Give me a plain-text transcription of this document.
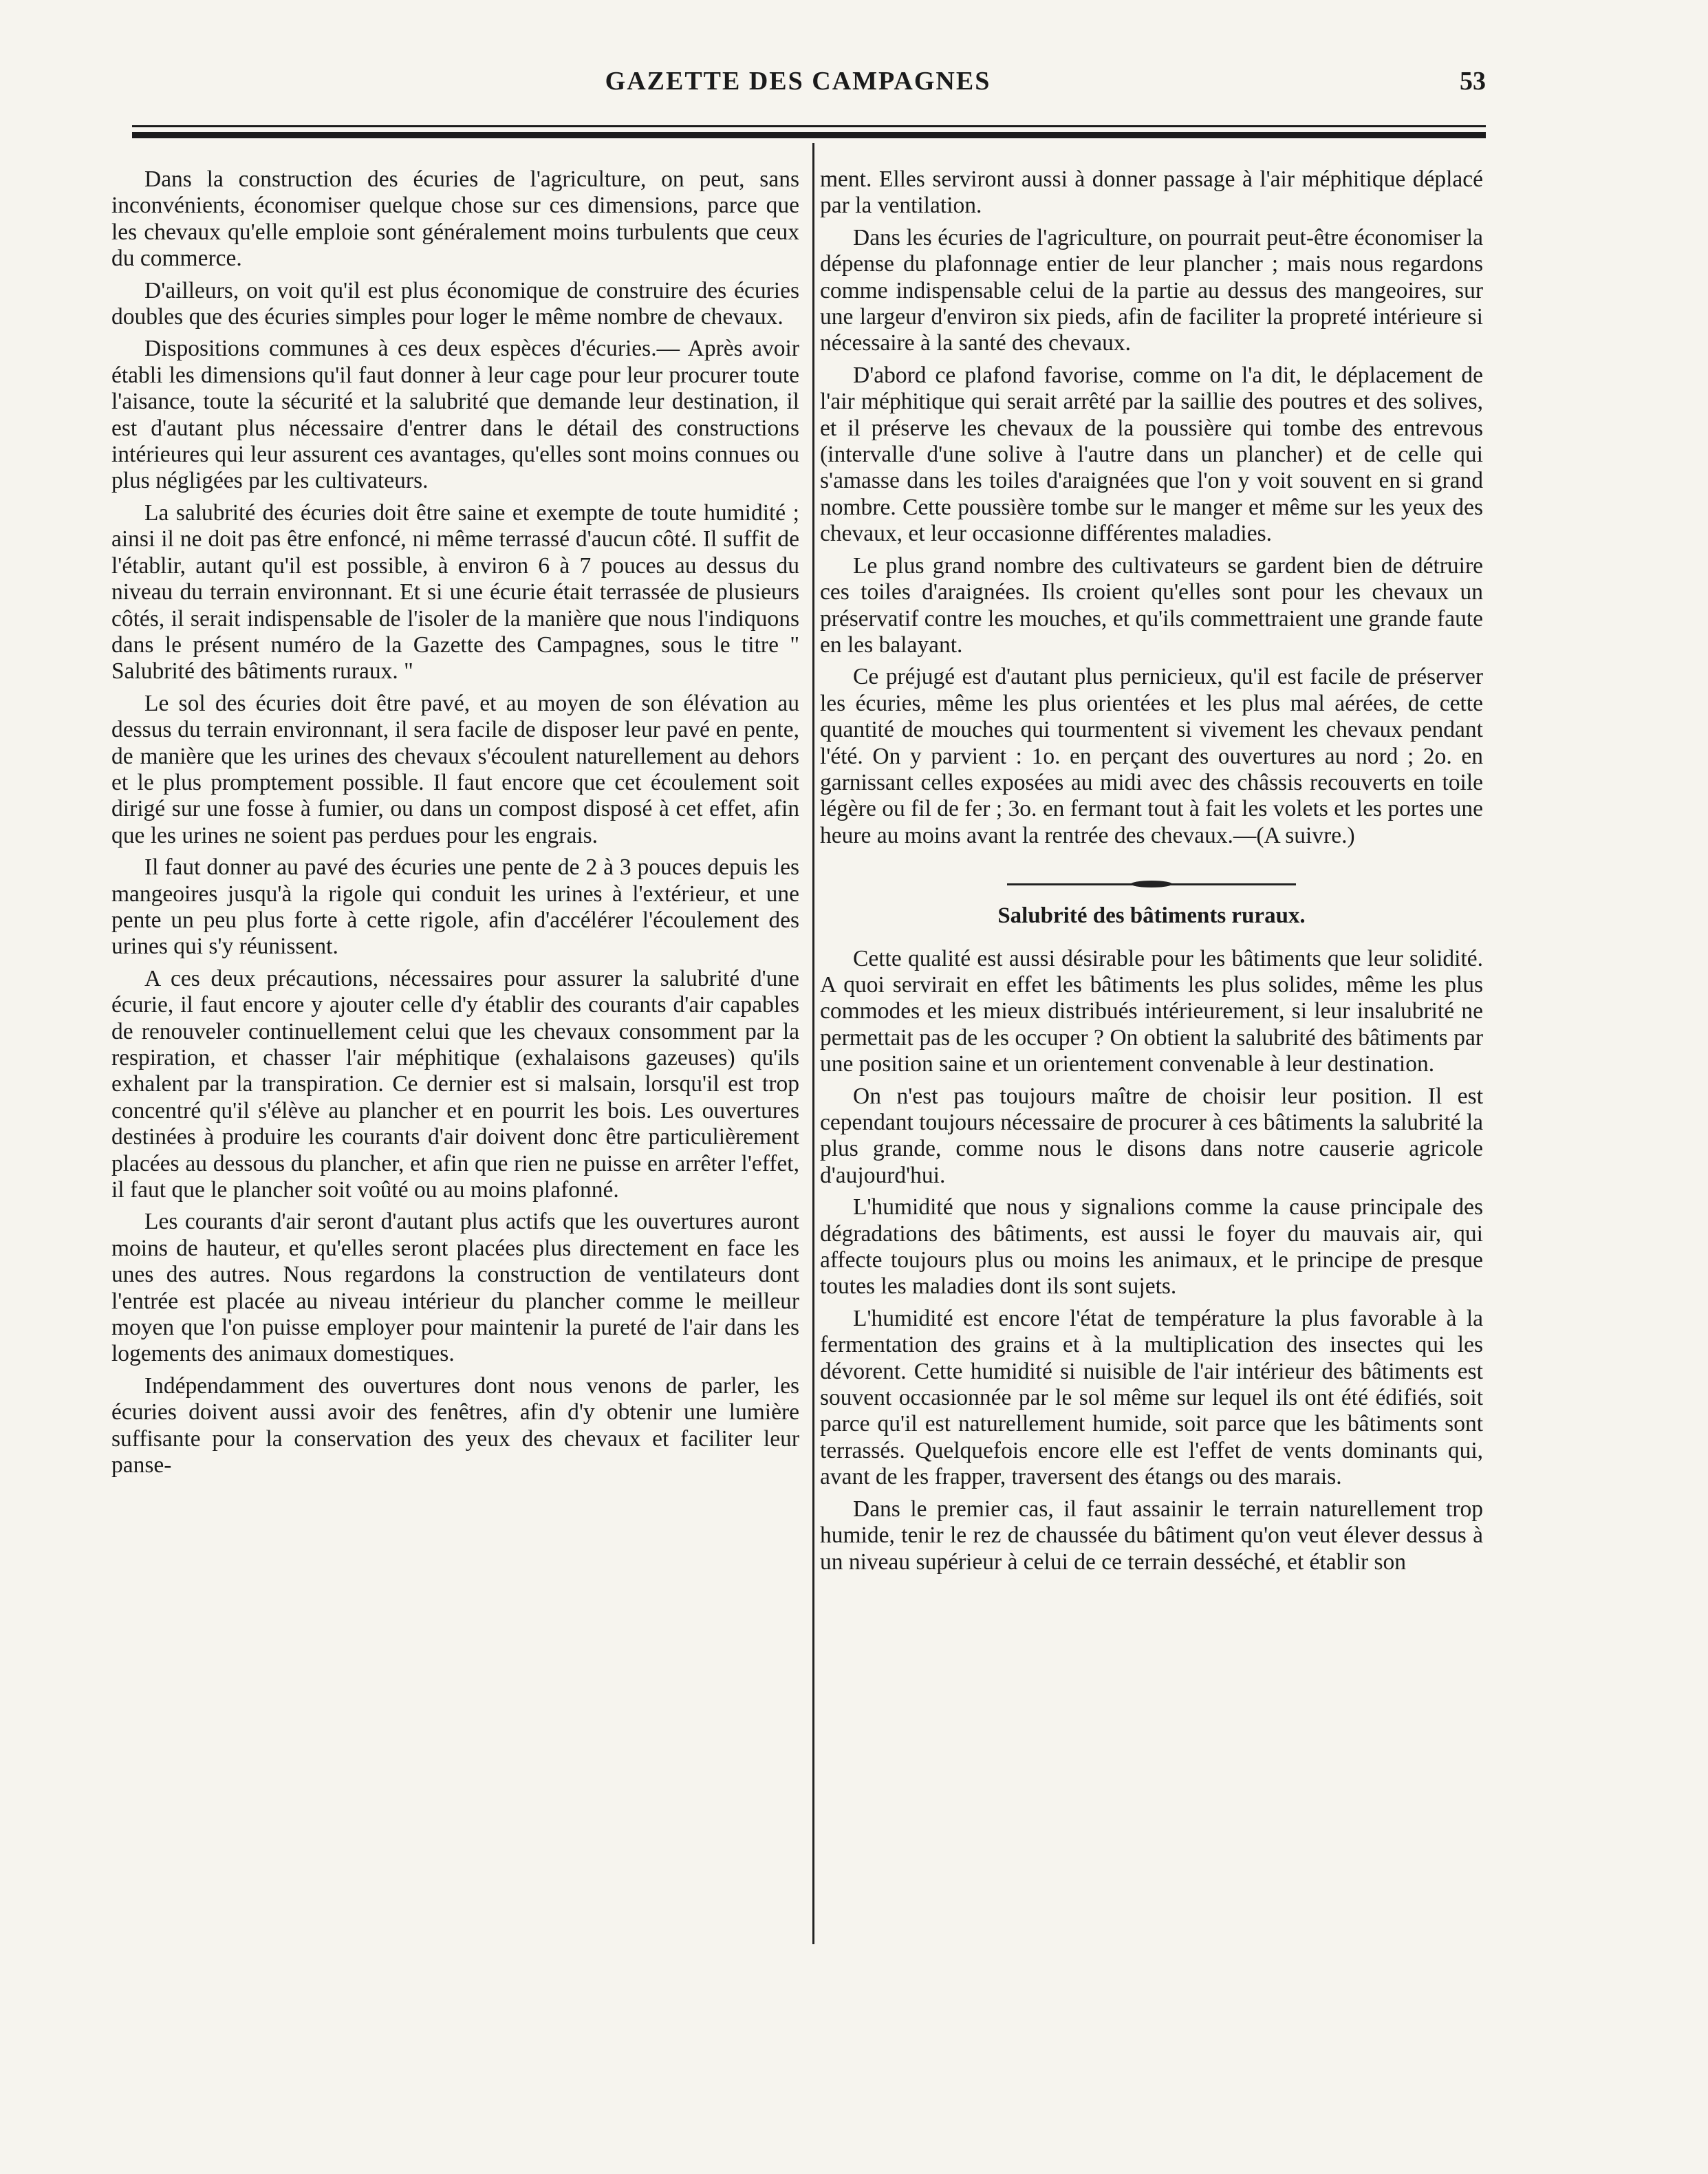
GAZETTE DES CAMPAGNES	53

Dans la construction des écuries de l'agriculture, on peut, sans inconvénients, économiser quelque chose sur ces dimensions, parce que les chevaux qu'elle emploie sont généralement moins turbulents que ceux du commerce.

D'ailleurs, on voit qu'il est plus économique de construire des écuries doubles que des écuries simples pour loger le même nombre de chevaux.

Dispositions communes à ces deux espèces d'écuries.— Après avoir établi les dimensions qu'il faut donner à leur cage pour leur procurer toute l'aisance, toute la sécurité et la salubrité que demande leur destination, il est d'autant plus nécessaire d'entrer dans le détail des constructions intérieures qui leur assurent ces avantages, qu'elles sont moins connues ou plus négligées par les cultivateurs.

La salubrité des écuries doit être saine et exempte de toute humidité ; ainsi il ne doit pas être enfoncé, ni même terrassé d'aucun côté. Il suffit de l'établir, autant qu'il est possible, à environ 6 à 7 pouces au dessus du niveau du terrain environnant. Et si une écurie était terrassée de plusieurs côtés, il serait indispensable de l'isoler de la manière que nous l'indiquons dans le présent numéro de la Gazette des Campagnes, sous le titre " Salubrité des bâtiments ruraux. "

Le sol des écuries doit être pavé, et au moyen de son élévation au dessus du terrain environnant, il sera facile de disposer leur pavé en pente, de manière que les urines des chevaux s'écoulent naturellement au dehors et le plus promptement possible. Il faut encore que cet écoulement soit dirigé sur une fosse à fumier, ou dans un compost disposé à cet effet, afin que les urines ne soient pas perdues pour les engrais.

Il faut donner au pavé des écuries une pente de 2 à 3 pouces depuis les mangeoires jusqu'à la rigole qui conduit les urines à l'extérieur, et une pente un peu plus forte à cette rigole, afin d'accélérer l'écoulement des urines qui s'y réunissent.

A ces deux précautions, nécessaires pour assurer la salubrité d'une écurie, il faut encore y ajouter celle d'y établir des courants d'air capables de renouveler continuellement celui que les chevaux consomment par la respiration, et chasser l'air méphitique (exhalaisons gazeuses) qu'ils exhalent par la transpiration. Ce dernier est si malsain, lorsqu'il est trop concentré qu'il s'élève au plancher et en pourrit les bois. Les ouvertures destinées à produire les courants d'air doivent donc être particulièrement placées au dessous du plancher, et afin que rien ne puisse en arrêter l'effet, il faut que le plancher soit voûté ou au moins plafonné.

Les courants d'air seront d'autant plus actifs que les ouvertures auront moins de hauteur, et qu'elles seront placées plus directement en face les unes des autres. Nous regardons la construction de ventilateurs dont l'entrée est placée au niveau intérieur du plancher comme le meilleur moyen que l'on puisse employer pour maintenir la pureté de l'air dans les logements des animaux domestiques.

Indépendamment des ouvertures dont nous venons de parler, les écuries doivent aussi avoir des fenêtres, afin d'y obtenir une lumière suffisante pour la conservation des yeux des chevaux et faciliter leur panse-

ment. Elles serviront aussi à donner passage à l'air méphitique déplacé par la ventilation.

Dans les écuries de l'agriculture, on pourrait peut-être économiser la dépense du plafonnage entier de leur plancher ; mais nous regardons comme indispensable celui de la partie au dessus des mangeoires, sur une largeur d'environ six pieds, afin de faciliter la propreté intérieure si nécessaire à la santé des chevaux.

D'abord ce plafond favorise, comme on l'a dit, le déplacement de l'air méphitique qui serait arrêté par la saillie des poutres et des solives, et il préserve les chevaux de la poussière qui tombe des entrevous (intervalle d'une solive à l'autre dans un plancher) et de celle qui s'amasse dans les toiles d'araignées que l'on y voit souvent en si grand nombre. Cette poussière tombe sur le manger et même sur les yeux des chevaux, et leur occasionne différentes maladies.

Le plus grand nombre des cultivateurs se gardent bien de détruire ces toiles d'araignées. Ils croient qu'elles sont pour les chevaux un préservatif contre les mouches, et qu'ils commettraient une grande faute en les balayant.

Ce préjugé est d'autant plus pernicieux, qu'il est facile de préserver les écuries, même les plus orientées et les plus mal aérées, de cette quantité de mouches qui tourmentent si vivement les chevaux pendant l'été. On y parvient : 1o. en perçant des ouvertures au nord ; 2o. en garnissant celles exposées au midi avec des châssis recouverts en toile légère ou fil de fer ; 3o. en fermant tout à fait les volets et les portes une heure au moins avant la rentrée des chevaux.—(A suivre.)

Salubrité des bâtiments ruraux.

Cette qualité est aussi désirable pour les bâtiments que leur solidité. A quoi servirait en effet les bâtiments les plus solides, même les plus commodes et les mieux distribués intérieurement, si leur insalubrité ne permettait pas de les occuper ? On obtient la salubrité des bâtiments par une position saine et un orientement convenable à leur destination.

On n'est pas toujours maître de choisir leur position. Il est cependant toujours nécessaire de procurer à ces bâtiments la salubrité la plus grande, comme nous le disons dans notre causerie agricole d'aujourd'hui.

L'humidité que nous y signalions comme la cause principale des dégradations des bâtiments, est aussi le foyer du mauvais air, qui affecte toujours plus ou moins les animaux, et le principe de presque toutes les maladies dont ils sont sujets.

L'humidité est encore l'état de température la plus favorable à la fermentation des grains et à la multiplication des insectes qui les dévorent. Cette humidité si nuisible de l'air intérieur des bâtiments est souvent occasionnée par le sol même sur lequel ils ont été édifiés, soit parce qu'il est naturellement humide, soit parce que les bâtiments sont terrassés. Quelquefois encore elle est l'effet de vents dominants qui, avant de les frapper, traversent des étangs ou des marais.

Dans le premier cas, il faut assainir le terrain naturellement trop humide, tenir le rez de chaussée du bâtiment qu'on veut élever dessus à un niveau supérieur à celui de ce terrain desséché, et établir son
